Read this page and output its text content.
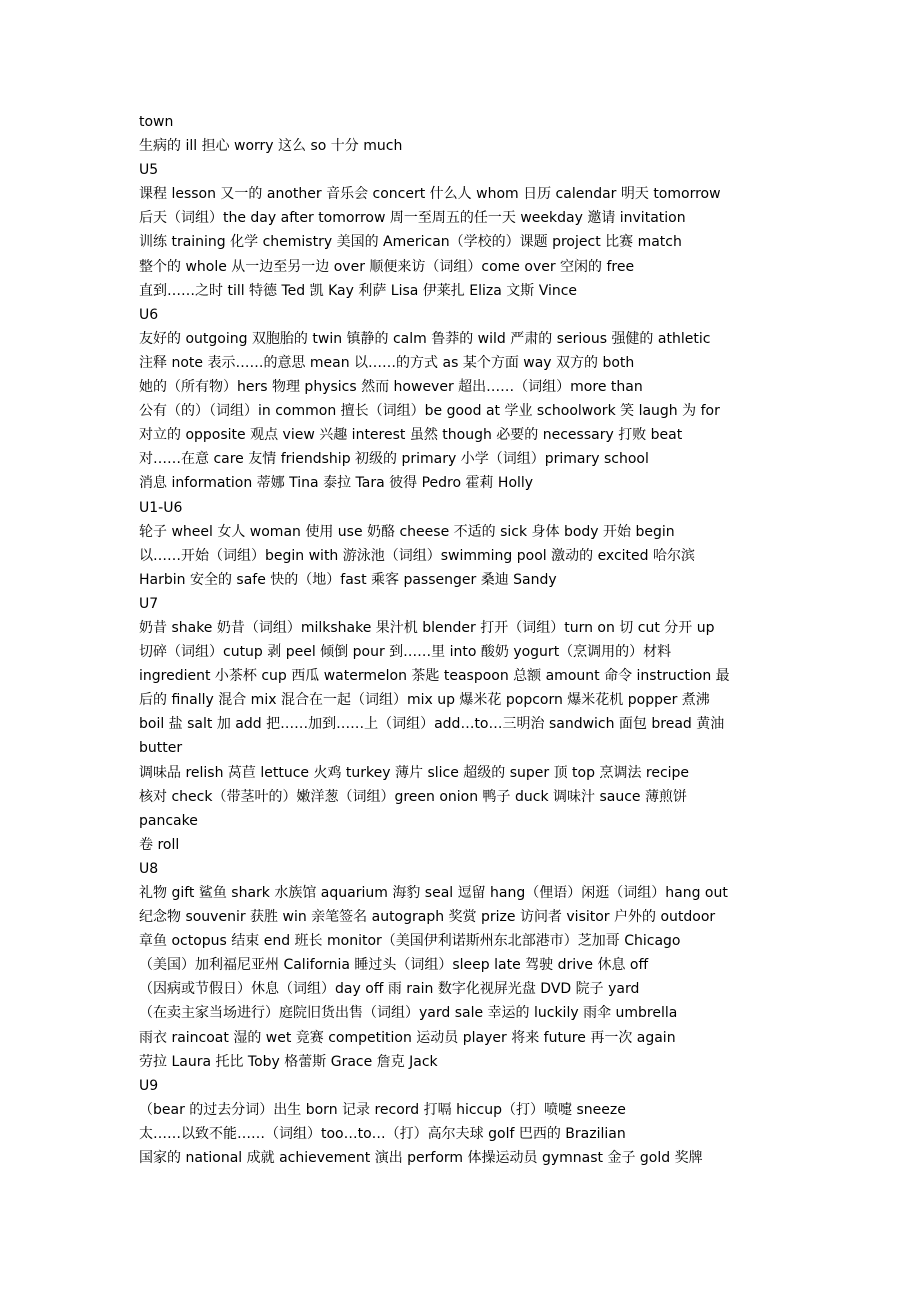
town
生病的 ill 担心 worry 这么 so 十分 much
U5
课程 lesson 又一的 another 音乐会 concert 什么人 whom 日历 calendar 明天 tomorrow
后天（词组）the day after tomorrow 周一至周五的任一天 weekday 邀请 invitation
训练 training 化学 chemistry 美国的 American（学校的）课题 project 比赛 match
整个的 whole 从一边至另一边 over 顺便来访（词组）come over 空闲的 free
直到……之时 till 特德 Ted 凯 Kay 利萨 Lisa 伊莱扎 Eliza 文斯 Vince
U6
友好的 outgoing 双胞胎的 twin 镇静的 calm 鲁莽的 wild 严肃的 serious 强健的 athletic
注释 note 表示……的意思 mean 以……的方式 as 某个方面 way 双方的 both
她的（所有物）hers 物理 physics 然而 however 超出……（词组）more than
公有（的）（词组）in common 擅长（词组）be good at 学业 schoolwork 笑 laugh 为 for
对立的 opposite 观点 view 兴趣 interest 虽然 though 必要的 necessary 打败 beat
对……在意 care 友情 friendship 初级的 primary 小学（词组）primary school
消息 information 蒂娜 Tina 泰拉 Tara 彼得 Pedro 霍莉 Holly
U1-U6
轮子 wheel 女人 woman 使用 use 奶酪 cheese 不适的 sick 身体 body 开始 begin
以……开始（词组）begin with 游泳池（词组）swimming pool 激动的 excited 哈尔滨
Harbin 安全的 safe 快的（地）fast 乘客 passenger 桑迪 Sandy
U7
奶昔 shake 奶昔（词组）milkshake 果汁机 blender 打开（词组）turn on 切 cut 分开 up
切碎（词组）cutup 剥 peel 倾倒 pour 到……里 into 酸奶 yogurt（烹调用的）材料
ingredient 小茶杯 cup 西瓜 watermelon 茶匙 teaspoon 总额 amount 命令 instruction 最
后的 finally 混合 mix 混合在一起（词组）mix up 爆米花 popcorn 爆米花机 popper 煮沸
boil 盐 salt 加 add 把……加到……上（词组）add…to…三明治 sandwich 面包 bread 黄油
butter
调味品 relish 莴苣 lettuce 火鸡 turkey 薄片 slice 超级的 super 顶 top 烹调法 recipe
核对 check（带茎叶的）嫩洋葱（词组）green onion 鸭子 duck 调味汁 sauce 薄煎饼
pancake
卷 roll
U8
礼物 gift 鲨鱼 shark 水族馆 aquarium 海豹 seal 逗留 hang（俚语）闲逛（词组）hang out
纪念物 souvenir 获胜 win 亲笔签名 autograph 奖赏 prize 访问者 visitor 户外的 outdoor
章鱼 octopus 结束 end 班长 monitor（美国伊利诺斯州东北部港市）芝加哥 Chicago
（美国）加利福尼亚州 California 睡过头（词组）sleep late 驾驶 drive 休息 off
（因病或节假日）休息（词组）day off 雨 rain 数字化视屏光盘 DVD 院子 yard
（在卖主家当场进行）庭院旧货出售（词组）yard sale 幸运的 luckily 雨伞 umbrella
雨衣 raincoat 湿的 wet 竞赛 competition 运动员 player 将来 future 再一次 again
劳拉 Laura 托比 Toby 格蕾斯 Grace 詹克 Jack
U9
（bear 的过去分词）出生 born 记录 record 打嗝 hiccup（打）喷嚏 sneeze
太……以致不能……（词组）too…to…（打）高尔夫球 golf 巴西的 Brazilian
国家的 national 成就 achievement 演出 perform 体操运动员 gymnast 金子 gold 奖牌
